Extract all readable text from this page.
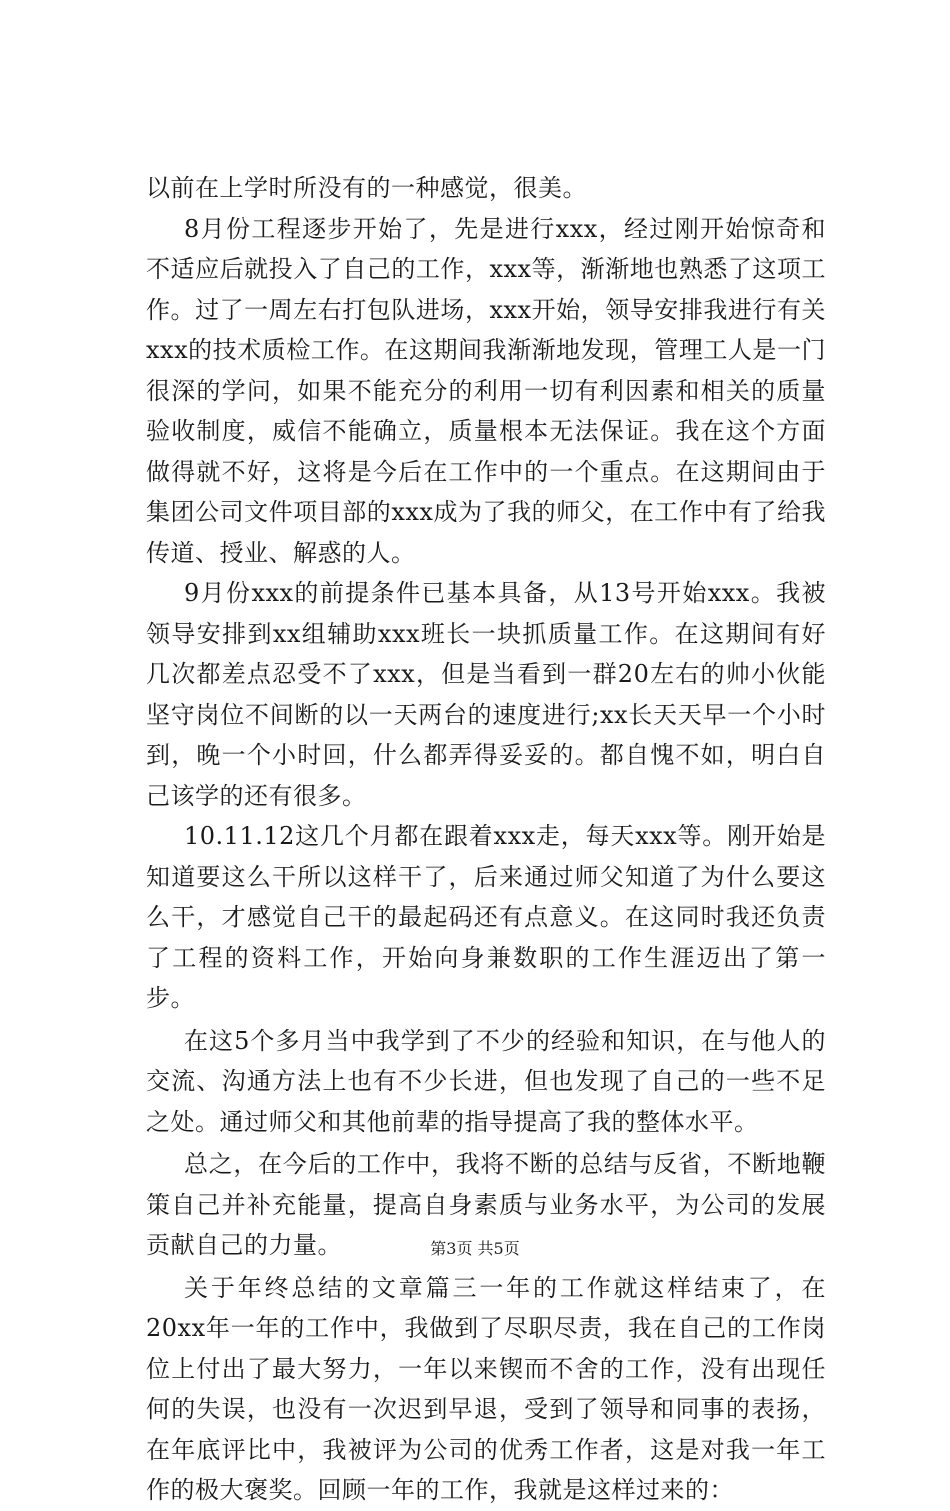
以前在上学时所没有的一种感觉，很美。

8月份工程逐步开始了，先是进行xxx，经过刚开始惊奇和不适应后就投入了自己的工作，xxx等，渐渐地也熟悉了这项工作。过了一周左右打包队进场，xxx开始，领导安排我进行有关xxx的技术质检工作。在这期间我渐渐地发现，管理工人是一门很深的学问，如果不能充分的利用一切有利因素和相关的质量验收制度，威信不能确立，质量根本无法保证。我在这个方面做得就不好，这将是今后在工作中的一个重点。在这期间由于集团公司文件项目部的xxx成为了我的师父，在工作中有了给我传道、授业、解惑的人。

9月份xxx的前提条件已基本具备，从13号开始xxx。我被领导安排到xx组辅助xxx班长一块抓质量工作。在这期间有好几次都差点忍受不了xxx，但是当看到一群20左右的帅小伙能坚守岗位不间断的以一天两台的速度进行;xx长天天早一个小时到，晚一个小时回，什么都弄得妥妥的。都自愧不如，明白自己该学的还有很多。

10.11.12这几个月都在跟着xxx走，每天xxx等。刚开始是知道要这么干所以这样干了，后来通过师父知道了为什么要这么干，才感觉自己干的最起码还有点意义。在这同时我还负责了工程的资料工作，开始向身兼数职的工作生涯迈出了第一步。

在这5个多月当中我学到了不少的经验和知识，在与他人的交流、沟通方法上也有不少长进，但也发现了自己的一些不足之处。通过师父和其他前辈的指导提高了我的整体水平。

总之，在今后的工作中，我将不断的总结与反省，不断地鞭策自己并补充能量，提高自身素质与业务水平，为公司的发展贡献自己的力量。

关于年终总结的文章篇三一年的工作就这样结束了，在20xx年一年的工作中，我做到了尽职尽责，我在自己的工作岗位上付出了最大努力，一年以来锲而不舍的工作，没有出现任何的失误，也没有一次迟到早退，受到了领导和同事的表扬，在年底评比中，我被评为公司的优秀工作者，这是对我一年工作的极大褒奖。回顾一年的工作，我就是这样过来的：

第3页 共5页
